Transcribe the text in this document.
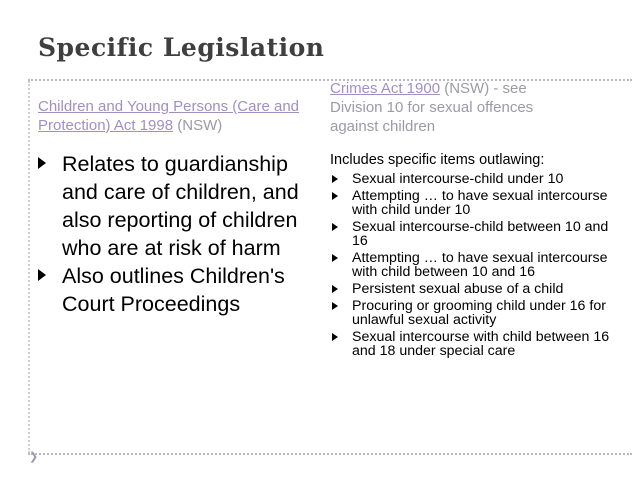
Specific Legislation
❯
Children and Young Persons (Care and Protection) Act 1998 (NSW)
Relates to guardianship and care of children, and also reporting of children who are at risk of harm
Also outlines Children's Court Proceedings
Crimes Act 1900 (NSW) - see Division 10 for sexual offences against children
Includes specific items outlawing:
Sexual intercourse-child under 10
Attempting … to have sexual intercourse with child under 10
Sexual intercourse-child between 10 and 16
Attempting … to have sexual intercourse with child between 10 and 16
Persistent sexual abuse of a child
Procuring or grooming child under 16 for unlawful sexual activity
Sexual intercourse with child between 16 and 18 under special care
